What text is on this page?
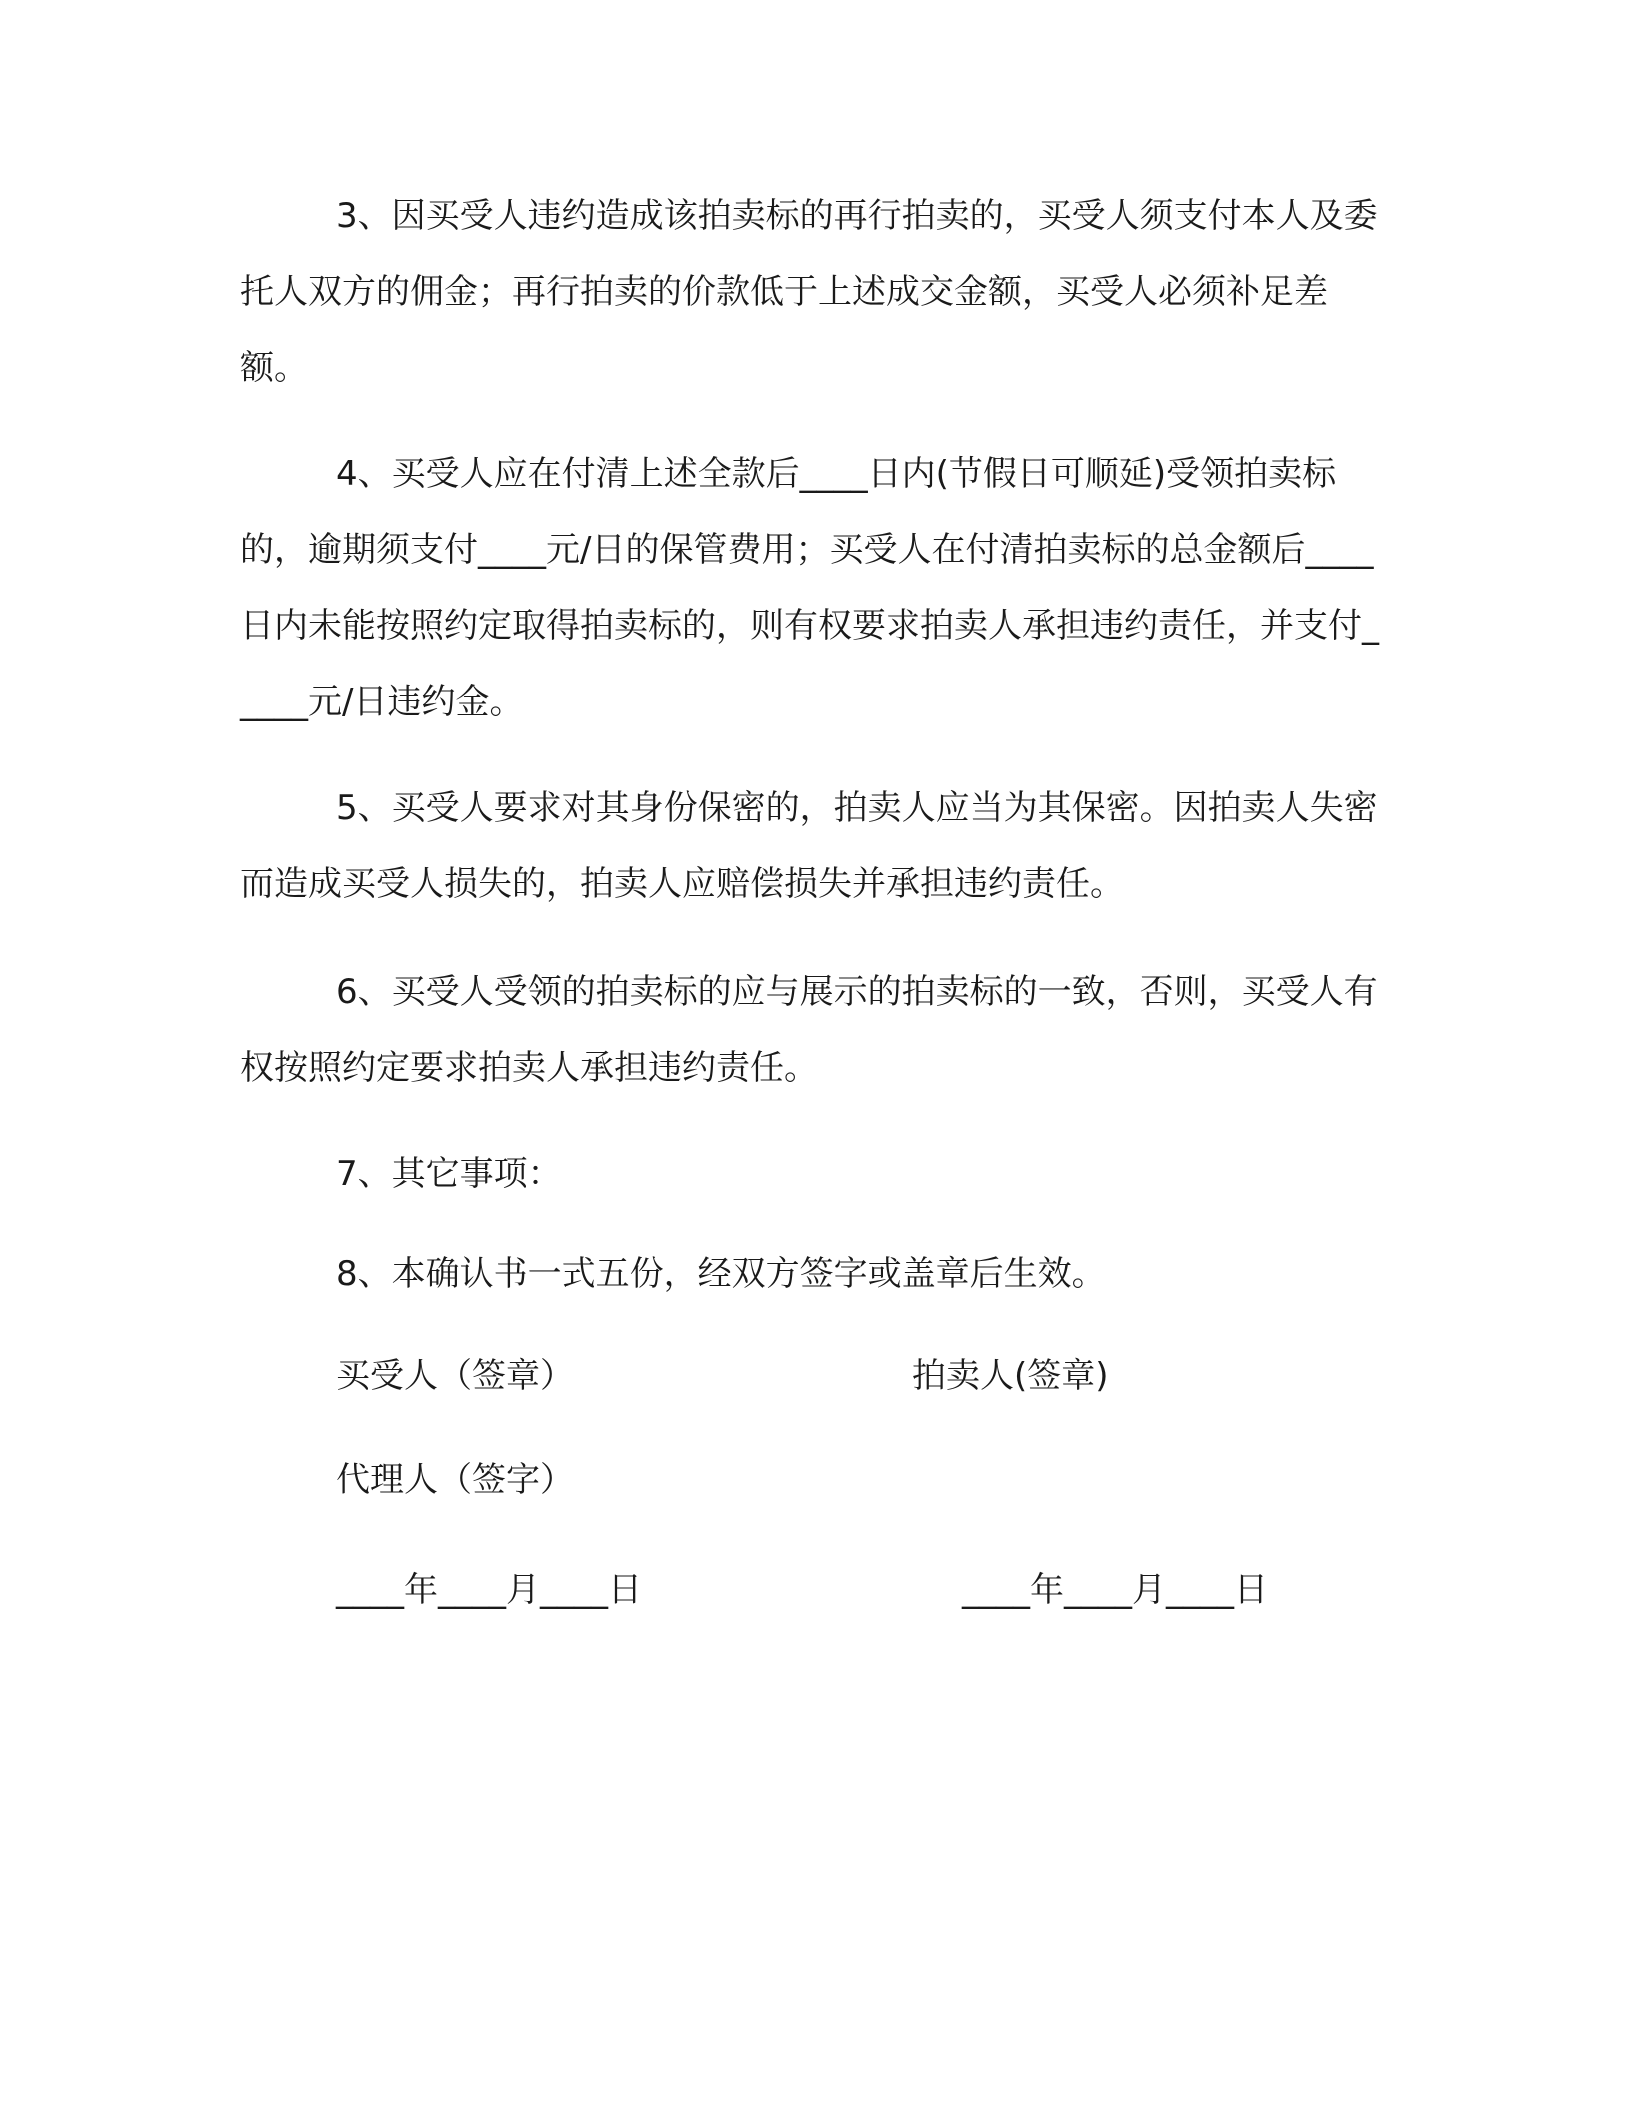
3、因买受人违约造成该拍卖标的再行拍卖的，买受人须支付本人及委托人双方的佣金；再行拍卖的价款低于上述成交金额，买受人必须补足差额。

4、买受人应在付清上述全款后____日内(节假日可顺延)受领拍卖标的，逾期须支付____元/日的保管费用；买受人在付清拍卖标的总金额后____日内未能按照约定取得拍卖标的，则有权要求拍卖人承担违约责任，并支付_____元/日违约金。

5、买受人要求对其身份保密的，拍卖人应当为其保密。因拍卖人失密而造成买受人损失的，拍卖人应赔偿损失并承担违约责任。

6、买受人受领的拍卖标的应与展示的拍卖标的一致，否则，买受人有权按照约定要求拍卖人承担违约责任。

7、其它事项：

8、本确认书一式五份，经双方签字或盖章后生效。

买受人（签章）	拍卖人(签章)
代理人（签字）
____年____月____日	____年____月____日
